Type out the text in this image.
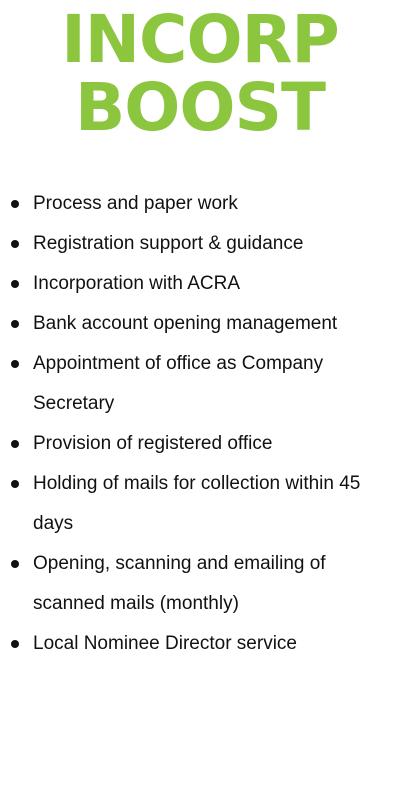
INCORP
BOOST
Process and paper work
Registration support & guidance
Incorporation with ACRA
Bank account opening management
Appointment of office as Company Secretary
Provision of registered office
Holding of mails for collection within 45 days
Opening, scanning and emailing of scanned mails (monthly)
Local Nominee Director service
